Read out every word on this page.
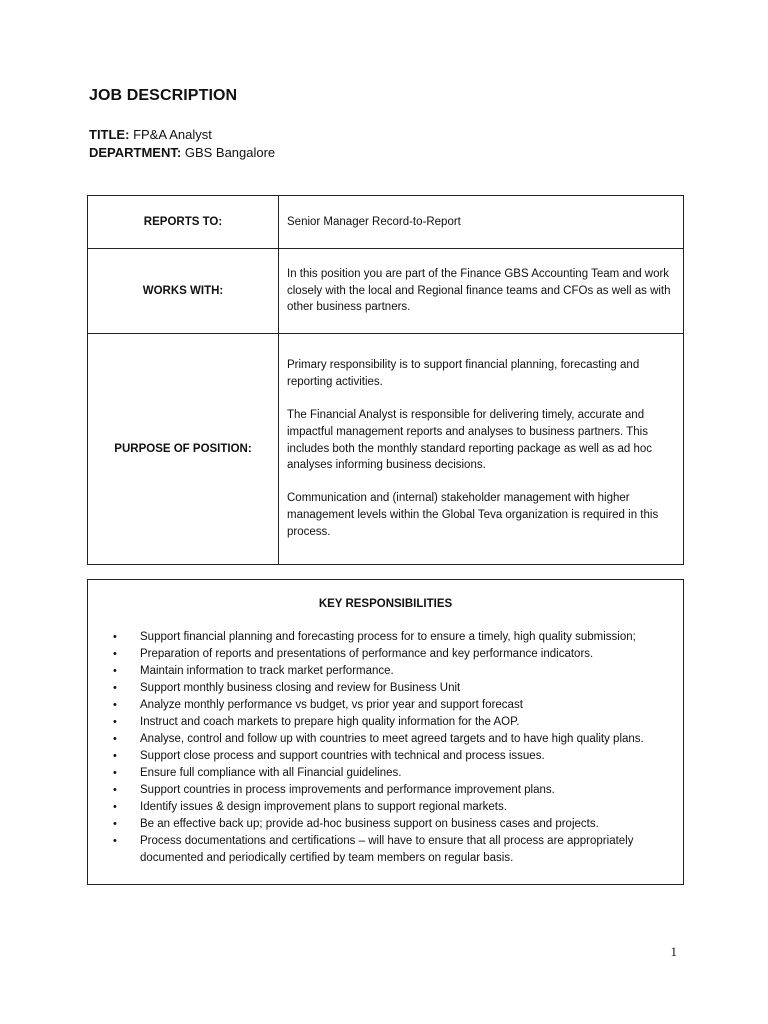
JOB DESCRIPTION
TITLE: FP&A Analyst
DEPARTMENT: GBS Bangalore
REPORTS TO:	Senior Manager Record-to-Report
WORKS WITH:	In this position you are part of the Finance GBS Accounting Team and work closely with the local and Regional finance teams and CFOs as well as with other business partners.
PURPOSE OF POSITION:	Primary responsibility is to support financial planning, forecasting and reporting activities.

The Financial Analyst is responsible for delivering timely, accurate and impactful management reports and analyses to business partners. This includes both the monthly standard reporting package as well as ad hoc analyses informing business decisions.

Communication and (internal) stakeholder management with higher management levels within the Global Teva organization is required in this process.

KEY RESPONSIBILITIES
• Support financial planning and forecasting process for to ensure a timely, high quality submission;
• Preparation of reports and presentations of performance and key performance indicators.
• Maintain information to track market performance.
• Support monthly business closing and review for Business Unit
• Analyze monthly performance vs budget, vs prior year and support forecast
• Instruct and coach markets to prepare high quality information for the AOP.
• Analyse, control and follow up with countries to meet agreed targets and to have high quality plans.
• Support close process and support countries with technical and process issues.
• Ensure full compliance with all Financial guidelines.
• Support countries in process improvements and performance improvement plans.
• Identify issues & design improvement plans to support regional markets.
• Be an effective back up; provide ad-hoc business support on business cases and projects.
• Process documentations and certifications – will have to ensure that all process are appropriately documented and periodically certified by team members on regular basis.
1
